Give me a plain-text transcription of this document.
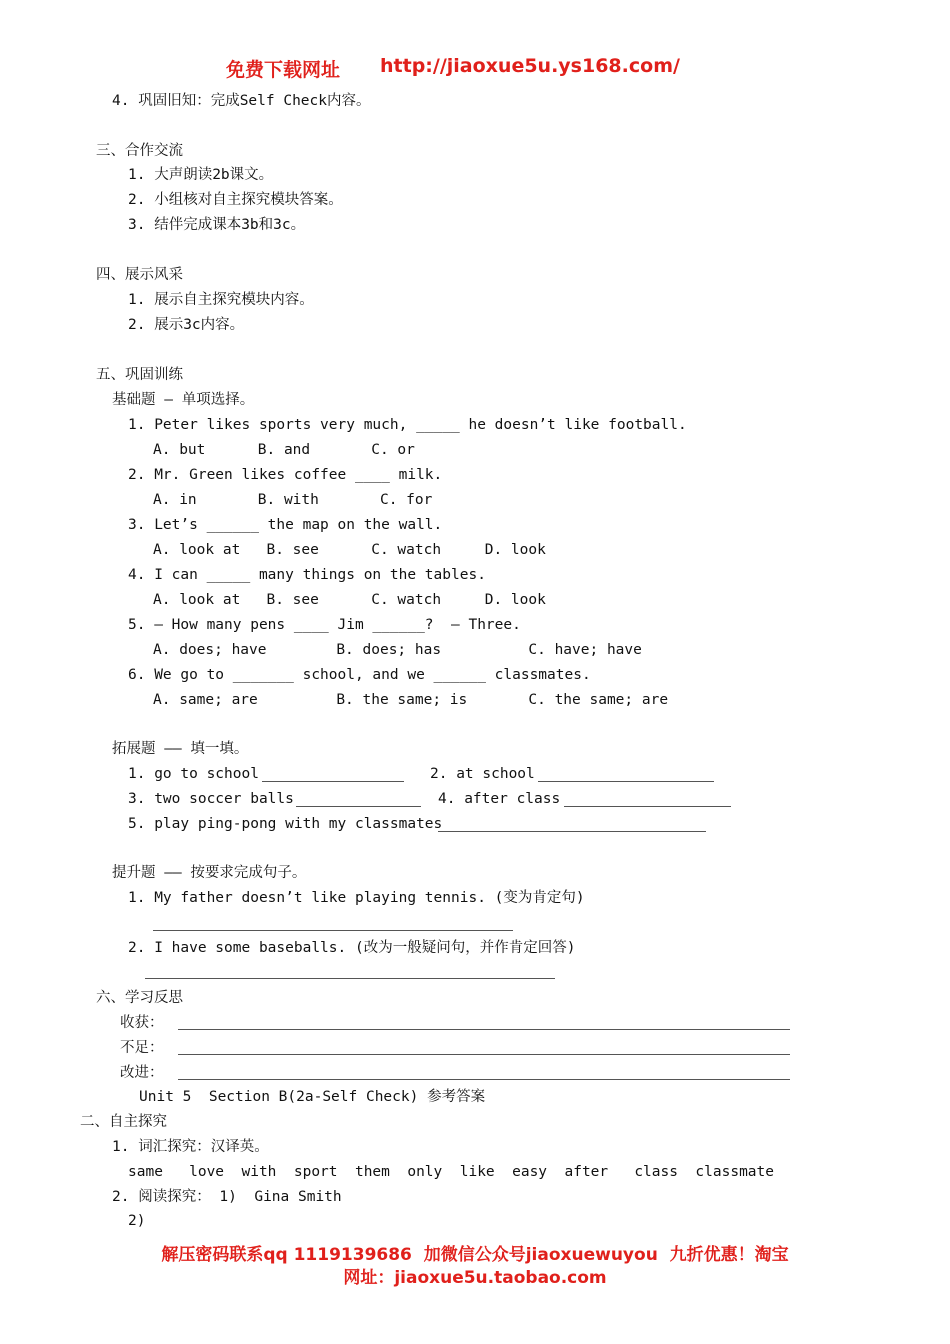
免费下载网址 http://jiaoxue5u.ys168.com/
4. 巩固旧知：完成Self Check内容。
三、合作交流
1. 大声朗读2b课文。
2. 小组核对自主探究模块答案。
3. 结伴完成课本3b和3c。
四、展示风采
1. 展示自主探究模块内容。
2. 展示3c内容。
五、巩固训练
基础题 — 单项选择。
1. Peter likes sports very much, _____ he doesn’t like football.
A. but      B. and       C. or
2. Mr. Green likes coffee ____ milk.
A. in       B. with       C. for
3. Let’s ______ the map on the wall.
A. look at   B. see      C. watch     D. look
4. I can _____ many things on the tables.
A. look at   B. see      C. watch     D. look
5. — How many pens ____ Jim ______?  — Three.
A. does; have        B. does; has          C. have; have
6. We go to _______ school, and we ______ classmates.
A. same; are         B. the same; is       C. the same; are
拓展题 —— 填一填。
1. go to school	2. at school
3. two soccer balls	4. after class
5. play ping-pong with my classmates
提升题 —— 按要求完成句子。
1. My father doesn’t like playing tennis. (变为肯定句)
2. I have some baseballs. (改为一般疑问句，并作肯定回答)
六、学习反思
收获：
不足：
改进：
Unit 5  Section B(2a-Self Check) 参考答案
二、自主探究
1. 词汇探究：汉译英。
same   love  with  sport  them  only  like  easy  after   class  classmate
2. 阅读探究： 1)  Gina Smith
2)
解压密码联系qq 1119139686  加微信公众号jiaoxuewuyou  九折优惠！淘宝
网址：jiaoxue5u.taobao.com
